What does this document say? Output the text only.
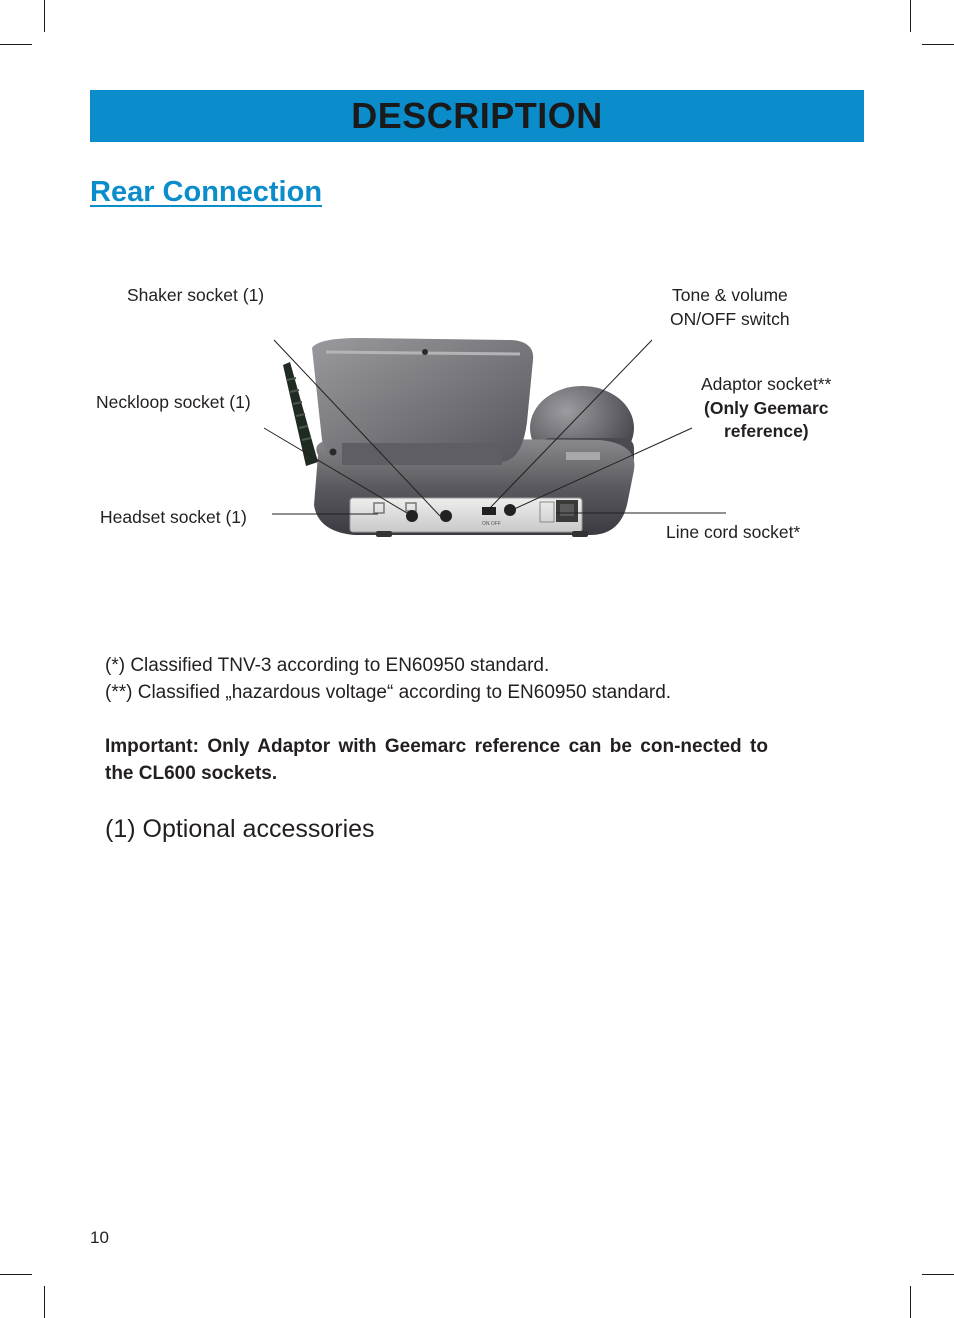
DESCRIPTION
Rear Connection
ON OFF
Shaker socket (1)	Tone & volume
ON/OFF switch
Neckloop socket (1)
Adaptor socket**
(Only Geemarc
reference)
Headset socket (1)
Line cord socket*

(*) Classified TNV-3 according to EN60950 standard.

(**) Classified „hazardous voltage“ according to EN60950 standard.

Important: Only Adaptor with Geemarc reference can be con-nected to the CL600 sockets.
(1) Optional accessories
10
